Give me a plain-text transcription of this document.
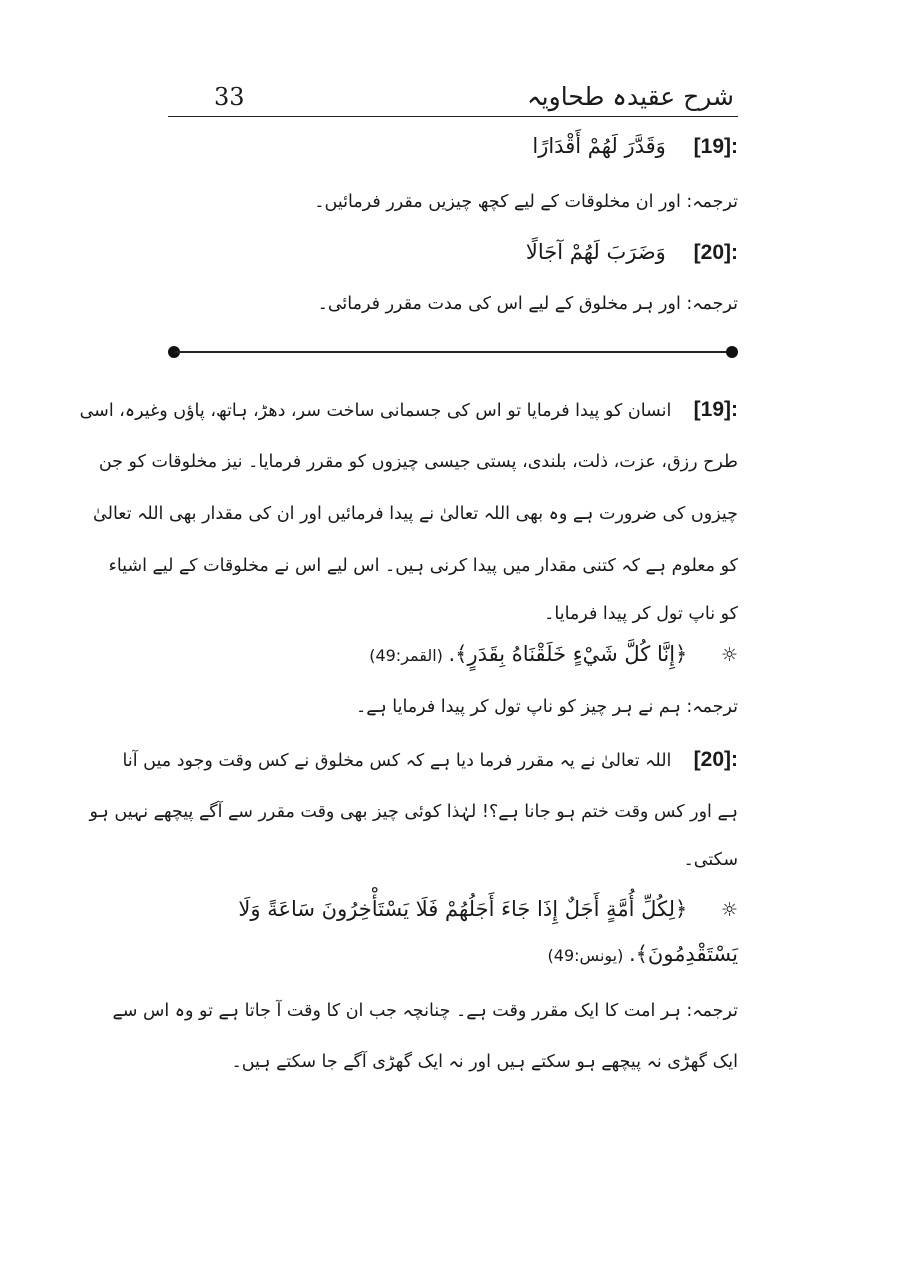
شرح عقیدہ طحاویہ
33
[19]:     وَقَدَّرَ لَهُمْ أَقْدَارًا
ترجمہ: اور ان مخلوقات کے لیے کچھ چیزیں مقرر فرمائیں۔
[20]:     وَضَرَبَ لَهُمْ آجَالًا
ترجمہ: اور ہر مخلوق کے لیے اس کی مدت مقرر فرمائی۔
[19]:    انسان کو پیدا فرمایا تو اس کی جسمانی ساخت سر، دھڑ، ہاتھ، پاؤں وغیرہ، اسی
طرح رزق، عزت، ذلت، بلندی، پستی جیسی چیزوں کو مقرر فرمایا۔ نیز مخلوقات کو جن
چیزوں کی ضرورت ہے وہ بھی اللہ تعالیٰ نے پیدا فرمائیں اور ان کی مقدار بھی اللہ تعالیٰ
کو معلوم ہے کہ کتنی مقدار میں پیدا کرنی ہیں۔ اس لیے اس نے مخلوقات کے لیے اشیاء
کو ناپ تول کر پیدا فرمایا۔
☼ ﴿إِنَّا كُلَّ شَيْءٍ خَلَقْنَاهُ بِقَدَرٍ﴾. (القمر:49)
ترجمہ: ہم نے ہر چیز کو ناپ تول کر پیدا فرمایا ہے۔
[20]:    اللہ تعالیٰ نے یہ مقرر فرما دیا ہے کہ کس مخلوق نے کس وقت وجود میں آنا
ہے اور کس وقت ختم ہو جانا ہے؟! لہٰذا کوئی چیز بھی وقت مقرر سے آگے پیچھے نہیں ہو
سکتی۔
☼ ﴿لِكُلِّ أُمَّةٍ أَجَلٌ إِذَا جَاءَ أَجَلُهُمْ فَلَا يَسْتَأْخِرُونَ سَاعَةً وَلَا
يَسْتَقْدِمُونَ﴾. (یونس:49)
ترجمہ: ہر امت کا ایک مقرر وقت ہے۔ چنانچہ جب ان کا وقت آ جاتا ہے تو وہ اس سے
ایک گھڑی نہ پیچھے ہو سکتے ہیں اور نہ ایک گھڑی آگے جا سکتے ہیں۔
